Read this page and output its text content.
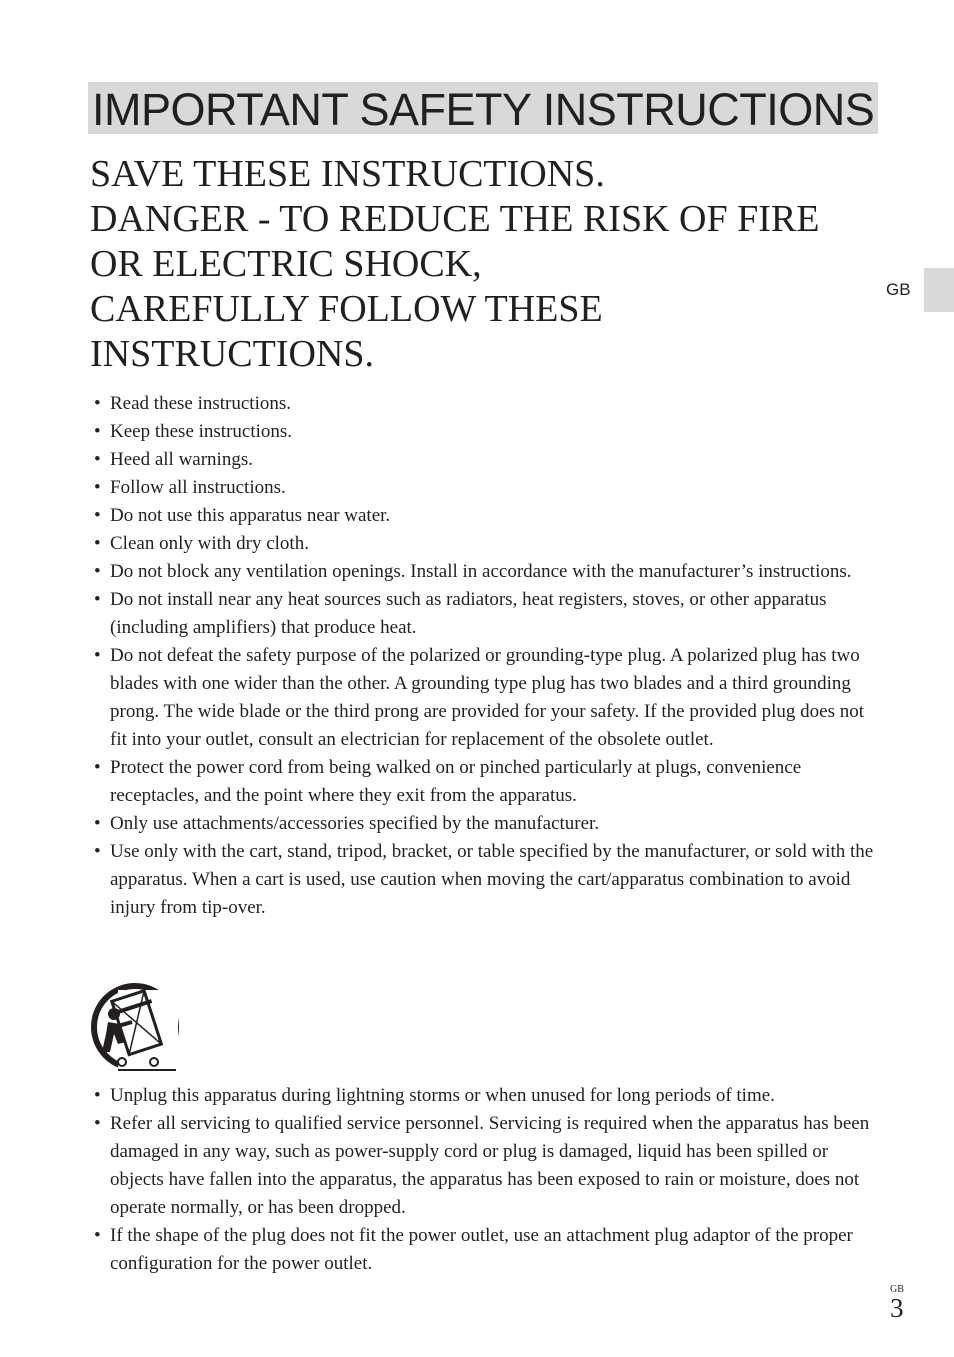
IMPORTANT SAFETY INSTRUCTIONS
SAVE THESE INSTRUCTIONS.
DANGER - TO REDUCE THE RISK OF FIRE
OR ELECTRIC SHOCK,
CAREFULLY FOLLOW THESE
INSTRUCTIONS.
GB
• Read these instructions.
• Keep these instructions.
• Heed all warnings.
• Follow all instructions.
• Do not use this apparatus near water.
• Clean only with dry cloth.
• Do not block any ventilation openings. Install in accordance with the manufacturer’s instructions.
• Do not install near any heat sources such as radiators, heat registers, stoves, or other apparatus (including amplifiers) that produce heat.
• Do not defeat the safety purpose of the polarized or grounding-type plug. A polarized plug has two blades with one wider than the other. A grounding type plug has two blades and a third grounding prong. The wide blade or the third prong are provided for your safety. If the provided plug does not fit into your outlet, consult an electrician for replacement of the obsolete outlet.
• Protect the power cord from being walked on or pinched particularly at plugs, convenience receptacles, and the point where they exit from the apparatus.
• Only use attachments/accessories specified by the manufacturer.
• Use only with the cart, stand, tripod, bracket, or table specified by the manufacturer, or sold with the apparatus. When a cart is used, use caution when moving the cart/apparatus combination to avoid injury from tip-over.
• Unplug this apparatus during lightning storms or when unused for long periods of time.
• Refer all servicing to qualified service personnel. Servicing is required when the apparatus has been damaged in any way, such as power-supply cord or plug is damaged, liquid has been spilled or objects have fallen into the apparatus, the apparatus has been exposed to rain or moisture, does not operate normally, or has been dropped.
• If the shape of the plug does not fit the power outlet, use an attachment plug adaptor of the proper configuration for the power outlet.
GB
3
